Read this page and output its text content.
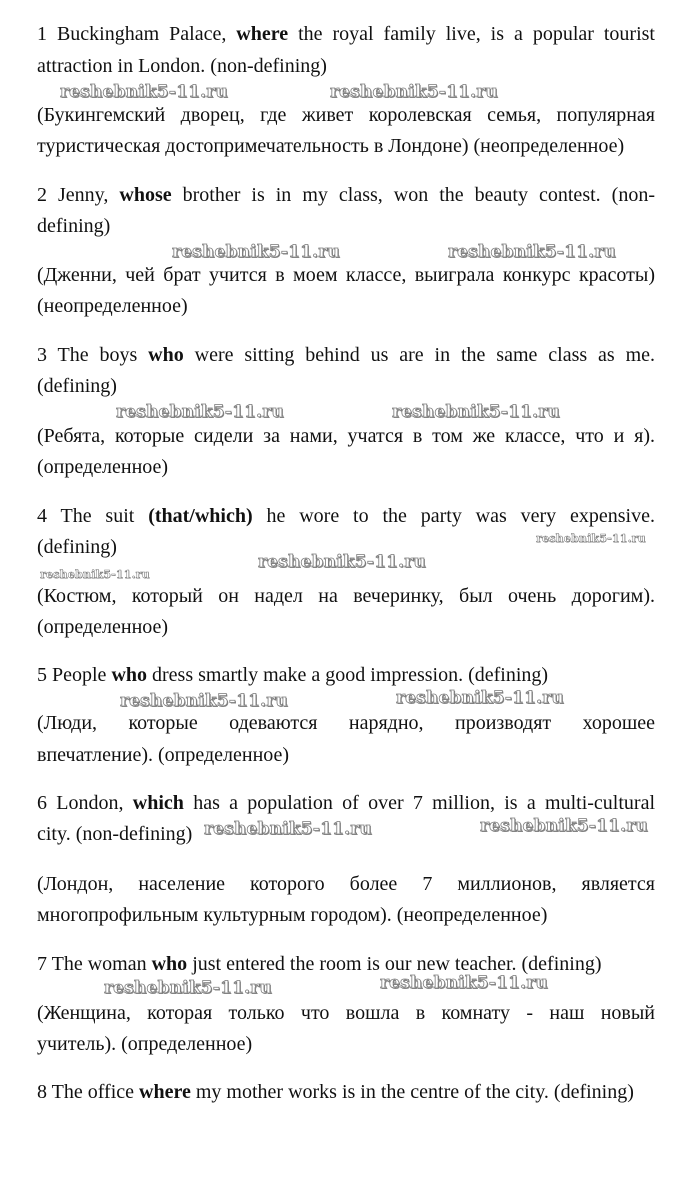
1 Buckingham Palace, where the royal family live, is a popular tourist
attraction in London. (non-defining)
reshebnik5-11.ru	reshebnik5-11.ru
(Букингемский дворец, где живет королевская семья, популярная
туристическая достопримечательность в Лондоне) (неопределенное)
2 Jenny, whose brother is in my class, won the beauty contest. (non-
defining)
reshebnik5-11.ru	reshebnik5-11.ru
(Дженни, чей брат учится в моем классе, выиграла конкурс красоты)
(неопределенное)
3 The boys who were sitting behind us are in the same class as me.
(defining)
reshebnik5-11.ru	reshebnik5-11.ru
(Ребята, которые сидели за нами, учатся в том же классе, что и я).
(определенное)
4 The suit (that/which) he wore to the party was very expensive.
(defining)	reshebnik5-11.ru
reshebnik5-11.ru
reshebnik5-11.ru
(Костюм, который он надел на вечеринку, был очень дорогим).
(определенное)
5 People who dress smartly make a good impression. (defining)
reshebnik5-11.ru	reshebnik5-11.ru
(Люди, которые одеваются нарядно, производят хорошее
впечатление). (определенное)
6 London, which has a population of over 7 million, is a multi-cultural
city. (non-defining) reshebnik5-11.ru	reshebnik5-11.ru
(Лондон, население которого более 7 миллионов, является
многопрофильным культурным городом). (неопределенное)
7 The woman who just entered the room is our new teacher. (defining)
reshebnik5-11.ru	reshebnik5-11.ru
(Женщина, которая только что вошла в комнату - наш новый
учитель). (определенное)
8 The office where my mother works is in the centre of the city. (defining)
